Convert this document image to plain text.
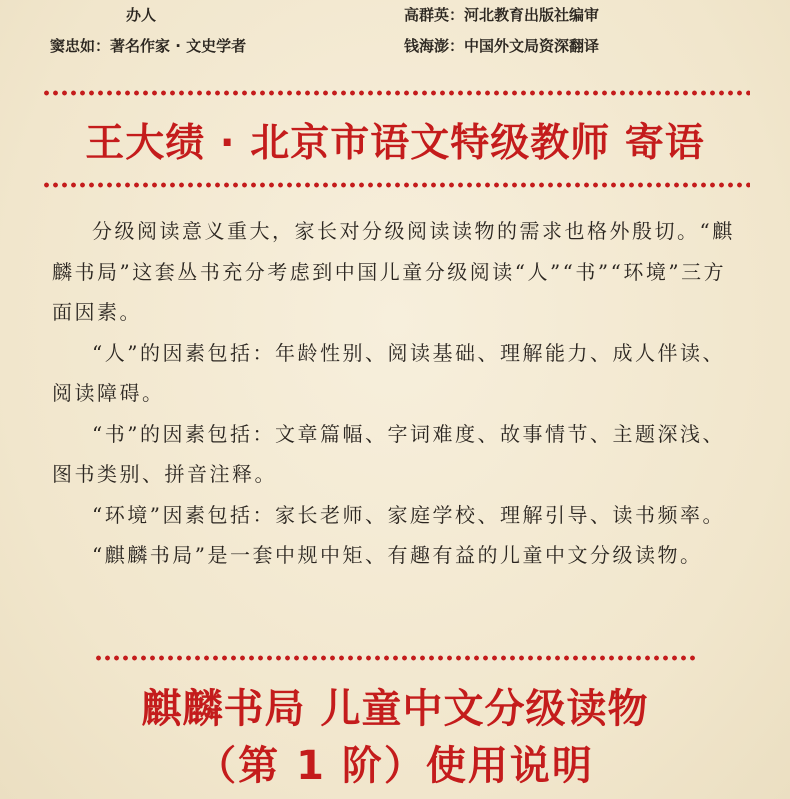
办人	高群英：河北教育出版社编审
窦忠如：著名作家 · 文史学者	钱海澎：中国外文局资深翻译
王大绩 · 北京市语文特级教师 寄语

分级阅读意义重大，家长对分级阅读读物的需求也格外殷切。“麒麟书局”这套丛书充分考虑到中国儿童分级阅读“人”“书”“环境”三方面因素。

“人”的因素包括：年龄性别、阅读基础、理解能力、成人伴读、阅读障碍。

“书”的因素包括：文章篇幅、字词难度、故事情节、主题深浅、图书类别、拼音注释。

“环境”因素包括：家长老师、家庭学校、理解引导、读书频率。

“麒麟书局”是一套中规中矩、有趣有益的儿童中文分级读物。

麒麟书局 儿童中文分级读物
（第 1 阶）使用说明
